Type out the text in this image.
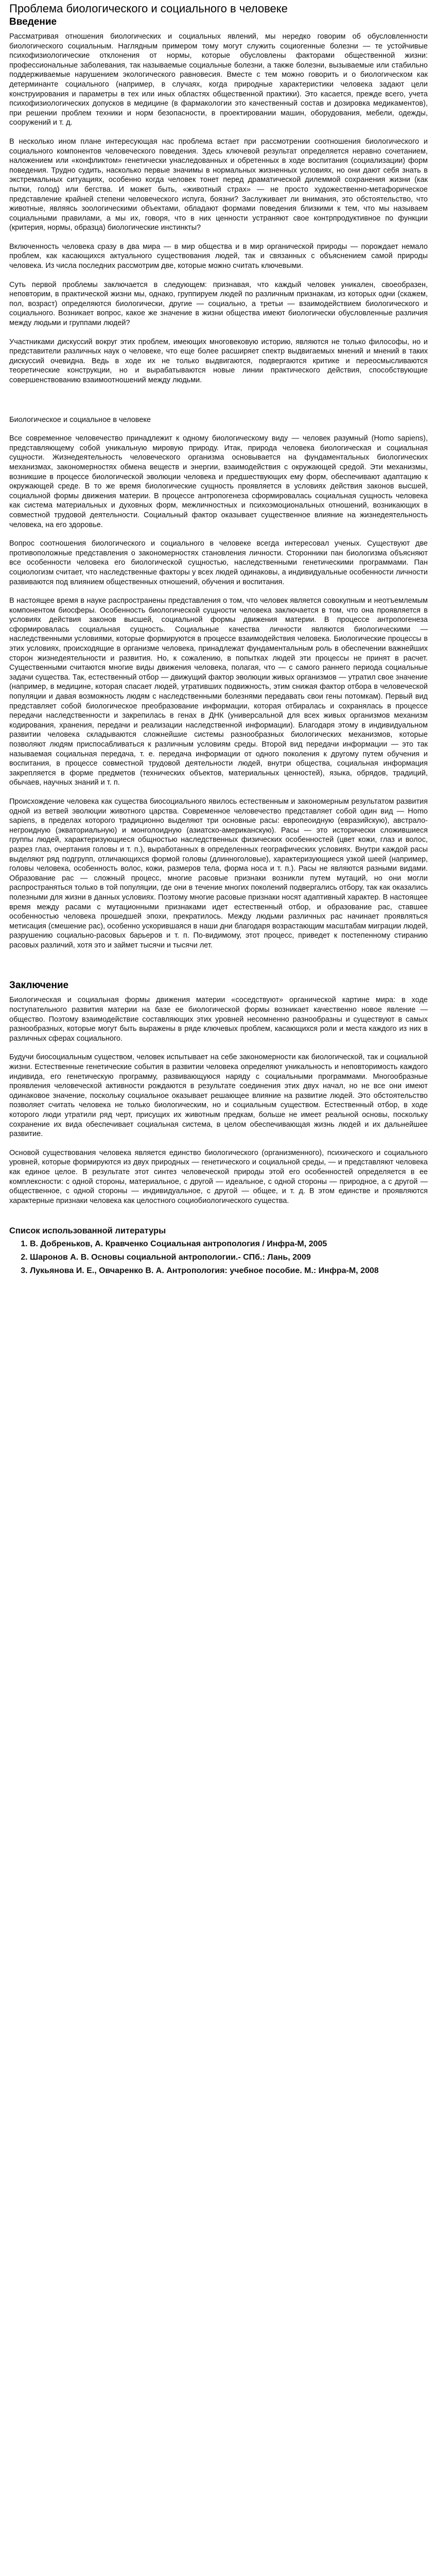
Проблема биологического и социального в человеке
Введение

Рассматривая отношения биологических и социальных явлений, мы нередко говорим об обусловленности биологического социальным. Наглядным примером тому могут служить социогенные болезни — те устойчивые психофизиологические отклонения от нормы, которые обусловлены факторами общественной жизни: профессиональные заболевания, так называемые социальные болезни, а также болезни, вызываемые или стабильно поддерживаемые нарушением экологического равновесия. Вместе с тем можно говорить и о биологическом как детерминанте социального (например, в случаях, когда природные характеристики человека задают цели конструирования и параметры в тех или иных областях общественной практики). Это касается, прежде всего, учета психофизиологических допусков в медицине (в фармакологии это качественный состав и дозировка медикаментов), при решении проблем техники и норм безопасности, в проектировании машин, оборудования, мебели, одежды, сооружений и т. д.

В несколько ином плане интересующая нас проблема встает при рассмотрении соотношения биологического и социального компонентов человеческого поведения. Здесь ключевой результат определяется неравно сочетанием, наложением или «конфликтом» генетически унаследованных и обретенных в ходе воспитания (социализации) форм поведения. Трудно судить, насколько первые значимы в нормальных жизненных условиях, но они дают себя знать в экстремальных ситуациях, особенно когда человек тонет перед драматической дилеммой сохранения жизни (как пытки, голод) или бегства. И может быть, «животный страх» — не просто художественно-метафорическое представление крайней степени человеческого испуга, боязни? Заслуживает ли внимания, это обстоятельство, что животные, являясь зоологическими объектами, обладают формами поведения близкими к тем, что мы называем социальными правилами, а мы их, говоря, что в них ценности устраняют свое контрпродуктивное по функции (критерия, нормы, образца) биологические инстинкты?

Включенность человека сразу в два мира — в мир общества и в мир органической природы — порождает немало проблем, как касающихся актуального существования людей, так и связанных с объяснением самой природы человека. Из числа последних рассмотрим две, которые можно считать ключевыми.

Суть первой проблемы заключается в следующем: признавая, что каждый человек уникален, своеобразен, неповторим, в практической жизни мы, однако, группируем людей по различным признакам, из которых одни (скажем, пол, возраст) определяются биологически, другие — социально, а третьи — взаимодействием биологического и социального. Возникает вопрос, какое же значение в жизни общества имеют биологически обусловленные различия между людьми и группами людей?

Участниками дискуссий вокруг этих проблем, имеющих многовековую историю, являются не только философы, но и представители различных наук о человеке, что еще более расширяет спектр выдвигаемых мнений и мнений в таких дискуссий очевидна. Ведь в ходе их не только выдвигаются, подвергаются критике и переосмысливаются теоретические конструкции, но и вырабатываются новые линии практического действия, способствующие совершенствованию взаимоотношений между людьми.

Биологическое и социальное в человеке

Все современное человечество принадлежит к одному биологическому виду — человек разумный (Homo sapiens), представляющему собой уникальную мировую природу. Итак, природа человека биологическая и социальная сущности. Жизнедеятельность человеческого организма основывается на фундаментальных биологических механизмах, закономерностях обмена веществ и энергии, взаимодействия с окружающей средой. Эти механизмы, возникшие в процессе биологической эволюции человека и предшествующих ему форм, обеспечивают адаптацию к окружающей среде. В то же время биологические сущность проявляется в условиях действия законов высшей, социальной формы движения материи. В процессе антропогенеза сформировалась социальная сущность человека как система материальных и духовных форм, межличностных и психоэмоциональных отношений, возникающих в совместной трудовой деятельности. Социальный фактор оказывает существенное влияние на жизнедеятельность человека, на его здоровье.

Вопрос соотношения биологического и социального в человеке всегда интересовал ученых. Существуют две противоположные представления о закономерностях становления личности. Сторонники пан биологизма объясняют все особенности человека его биологической сущностью, наследственными генетическими программами. Пан социологизм считает, что наследственные факторы у всех людей одинаковы, а индивидуальные особенности личности развиваются под влиянием общественных отношений, обучения и воспитания.

В настоящее время в науке распространены представления о том, что человек является совокупным и неотъемлемым компонентом биосферы. Особенность биологической сущности человека заключается в том, что она проявляется в условиях действия законов высшей, социальной формы движения материи. В процессе антропогенеза сформировалась социальная сущность. Социальные качества личности являются биологическими — наследственными условиями, которые формируются в процессе взаимодействия человека. Биологические процессы в этих условиях, происходящие в организме человека, принадлежат фундаментальным роль в обеспечении важнейших сторон жизнедеятельности и развития. Но, к сожалению, в попытках людей эти процессы не принят в расчет. Существенными считаются многие виды движения человека, полагая, что — с самого раннего периода социальные задачи существа. Так, естественный отбор — движущий фактор эволюции живых организмов — утратил свое значение (например, в медицине, которая спасает людей, утративших подвижность, этим снижая фактор отбора в человеческой популяции и давая возможность людям с наследственными болезнями передавать свои гены потомкам). Первый вид представляет собой биологическое преобразование информации, которая отбиралась и сохранялась в процессе передачи наследственности и закрепилась в генах в ДНК (универсальной для всех живых организмов механизм кодирования, хранения, передачи и реализации наследственной информации). Благодаря этому в индивидуальном развитии человека складываются сложнейшие системы разнообразных биологических механизмов, которые позволяют людям приспосабливаться к различным условиям среды. Второй вид передачи информации — это так называемая социальная передача, т. е. передача информации от одного поколения к другому путем обучения и воспитания, в процессе совместной трудовой деятельности людей, внутри общества, социальная информация закрепляется в форме предметов (технических объектов, материальных ценностей), языка, обрядов, традиций, обычаев, научных знаний и т. п.

Происхождение человека как существа биосоциального явилось естественным и закономерным результатом развития одной из ветвей эволюции животного царства. Современное человечество представляет собой один вид — Homo sapiens, в пределах которого традиционно выделяют три основные расы: европеоидную (евразийскую), австрало-негроидную (экваториальную) и монголоидную (азиатско-американскую). Расы — это исторически сложившиеся группы людей, характеризующиеся общностью наследственных физических особенностей (цвет кожи, глаз и волос, разрез глаз, очертания головы и т. п.), выработанных в определенных географических условиях. Внутри каждой расы выделяют ряд подгрупп, отличающихся формой головы (длинноголовые), характеризующиеся узкой шеей (например, головы человека, особенность волос, кожи, размеров тела, форма носа и т. п.). Расы не являются разными видами. Образование рас — сложный процесс, многие расовые признаки возникли путем мутаций, но они могли распространяться только в той популяции, где они в течение многих поколений подвергались отбору, так как оказались полезными для жизни в данных условиях. Поэтому многие расовые признаки носят адаптивный характер. В настоящее время между расами с мутационными признаками идет естественный отбор, и образование рас, ставшее особенностью человека прошедшей эпохи, прекратилось. Между людьми различных рас начинает проявляться метисация (смешение рас), особенно ускорившаяся в наши дни благодаря возрастающим масштабам миграции людей, разрушению социально-расовых барьеров и т. п. По-видимому, этот процесс, приведет к постепенному стиранию расовых различий, хотя это и займет тысячи и тысячи лет.

Заключение

Биологическая и социальная формы движения материи «соседствуют» органической картине мира: в ходе поступательного развития материи на базе ее биологической формы возникает качественно новое явление — общество. Поэтому взаимодействие составляющих этих уровней несомненно разнообразны и существуют в самых разнообразных, которые могут быть выражены в ряде ключевых проблем, касающихся роли и места каждого из них в различных сферах социального.

Будучи биосоциальным существом, человек испытывает на себе закономерности как биологической, так и социальной жизни. Естественные генетические события в развитии человека определяют уникальность и неповторимость каждого индивида, его генетическую программу, развивающуюся наряду с социальными программами. Многообразные проявления человеческой активности рождаются в результате соединения этих двух начал, но не все они имеют одинаковое значение, поскольку социальное оказывает решающее влияние на развитие людей. Это обстоятельство позволяет считать человека не только биологическим, но и социальным существом. Естественный отбор, в ходе которого люди утратили ряд черт, присущих их животным предкам, больше не имеет реальной основы, поскольку сохранение их вида обеспечивает социальная система, в целом обеспечивающая жизнь людей и их дальнейшее развитие.

Основой существования человека является единство биологического (организменного), психического и социального уровней, которые формируются из двух природных — генетического и социальной среды, — и представляют человека как единое целое. В результате этот синтез человеческой природы этой его особенностей определяется в ее комплексности: с одной стороны, материальное, с другой — идеальное, с одной стороны — природное, а с другой — общественное, с одной стороны — индивидуальное, с другой — общее, и т. д. В этом единстве и проявляются характерные признаки человека как целостного социобиологического существа.

Список использованной литературы
1. В. Добреньков, А. Кравченко Социальная антропология / Инфра-М, 2005
2. Шаронов А. В. Основы социальной антропологии.- СПб.: Лань, 2009
3. Лукьянова И. Е., Овчаренко В. А. Антропология: учебное пособие. М.: Инфра-М, 2008
